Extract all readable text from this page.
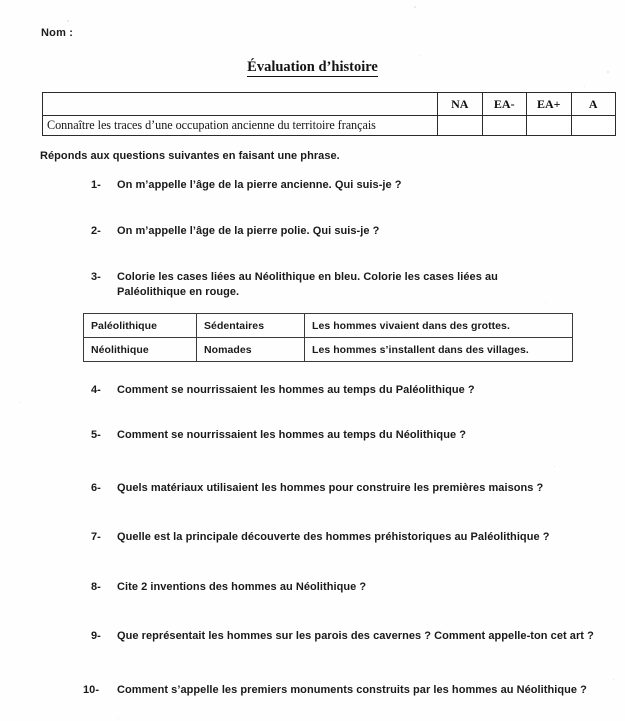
Nom :
Évaluation d’histoire
	NA	EA-	EA+	A
Connaître les traces d’une occupation ancienne du territoire français				
Réponds aux questions suivantes en faisant une phrase.
1-	On m’appelle l’âge de la pierre ancienne. Qui suis-je ?
2-	On m’appelle l’âge de la pierre polie. Qui suis-je ?
3-	Colorie les cases liées au Néolithique en bleu. Colorie les cases liées au Paléolithique en rouge.
Paléolithique	Sédentaires	Les hommes vivaient dans des grottes.
Néolithique	Nomades	Les hommes s’installent dans des villages.
4-	Comment se nourrissaient les hommes au temps du Paléolithique ?
5-	Comment se nourrissaient les hommes au temps du Néolithique ?
6-	Quels matériaux utilisaient les hommes pour construire les premières maisons ?
7-	Quelle est la principale découverte des hommes préhistoriques au Paléolithique ?
8-	Cite 2 inventions des hommes au Néolithique ?
9-	Que représentait les hommes sur les parois des cavernes ? Comment appelle-ton cet art ?
10-	Comment s’appelle les premiers monuments construits par les hommes au Néolithique ?
